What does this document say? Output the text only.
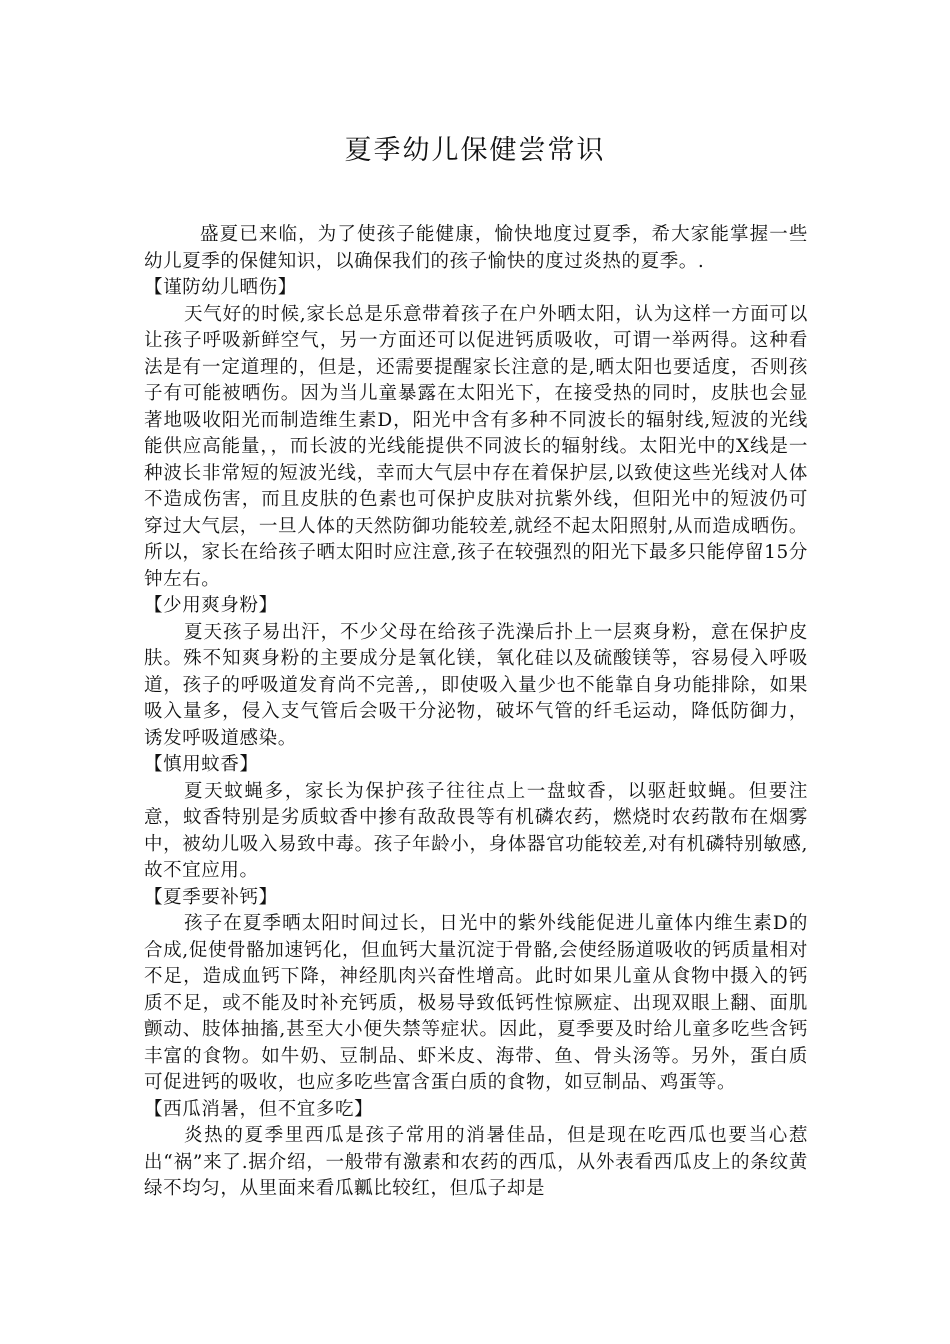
夏季幼儿保健尝常识

盛夏已来临，为了使孩子能健康，愉快地度过夏季，希大家能掌握一些幼儿夏季的保健知识，以确保我们的孩子愉快的度过炎热的夏季。.

【谨防幼儿晒伤】

天气好的时候,家长总是乐意带着孩子在户外晒太阳，认为这样一方面可以让孩子呼吸新鲜空气，另一方面还可以促进钙质吸收，可谓一举两得。这种看法是有一定道理的，但是，还需要提醒家长注意的是,晒太阳也要适度，否则孩子有可能被晒伤。因为当儿童暴露在太阳光下，在接受热的同时，皮肤也会显著地吸收阳光而制造维生素D，阳光中含有多种不同波长的辐射线,短波的光线能供应高能量，，而长波的光线能提供不同波长的辐射线。太阳光中的X线是一种波长非常短的短波光线，幸而大气层中存在着保护层,以致使这些光线对人体不造成伤害，而且皮肤的色素也可保护皮肤对抗紫外线，但阳光中的短波仍可穿过大气层，一旦人体的天然防御功能较差,就经不起太阳照射,从而造成晒伤。所以，家长在给孩子晒太阳时应注意,孩子在较强烈的阳光下最多只能停留15分钟左右。

【少用爽身粉】

夏天孩子易出汗，不少父母在给孩子洗澡后扑上一层爽身粉，意在保护皮肤。殊不知爽身粉的主要成分是氧化镁，氧化硅以及硫酸镁等，容易侵入呼吸道，孩子的呼吸道发育尚不完善,，即使吸入量少也不能靠自身功能排除，如果吸入量多，侵入支气管后会吸干分泌物，破坏气管的纤毛运动，降低防御力，诱发呼吸道感染。

【慎用蚊香】

夏天蚊蝇多，家长为保护孩子往往点上一盘蚊香，以驱赶蚊蝇。但要注意，蚊香特别是劣质蚊香中掺有敌敌畏等有机磷农药，燃烧时农药散布在烟雾中，被幼儿吸入易致中毒。孩子年龄小，身体器官功能较差,对有机磷特别敏感,故不宜应用。

【夏季要补钙】

孩子在夏季晒太阳时间过长，日光中的紫外线能促进儿童体内维生素D的合成,促使骨骼加速钙化，但血钙大量沉淀于骨骼,会使经肠道吸收的钙质量相对不足，造成血钙下降，神经肌肉兴奋性增高。此时如果儿童从食物中摄入的钙质不足，或不能及时补充钙质，极易导致低钙性惊厥症、出现双眼上翻、面肌颤动、肢体抽搐,甚至大小便失禁等症状。因此，夏季要及时给儿童多吃些含钙丰富的食物。如牛奶、豆制品、虾米皮、海带、鱼、骨头汤等。另外，蛋白质可促进钙的吸收，也应多吃些富含蛋白质的食物，如豆制品、鸡蛋等。

【西瓜消暑，但不宜多吃】

炎热的夏季里西瓜是孩子常用的消暑佳品，但是现在吃西瓜也要当心惹出“祸”来了.据介绍，一般带有激素和农药的西瓜，从外表看西瓜皮上的条纹黄绿不均匀，从里面来看瓜瓤比较红，但瓜子却是
